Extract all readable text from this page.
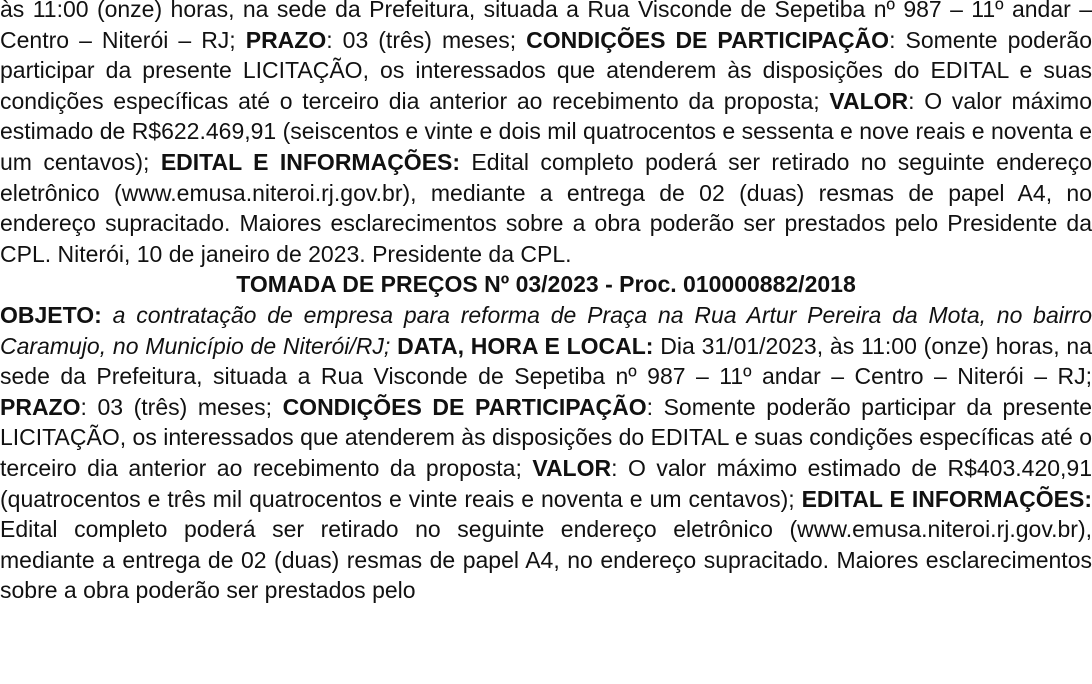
às 11:00 (onze) horas, na sede da Prefeitura, situada a Rua Visconde de Sepetiba nº 987 – 11º andar – Centro – Niterói – RJ; PRAZO: 03 (três) meses; CONDIÇÕES DE PARTICIPAÇÃO: Somente poderão participar da presente LICITAÇÃO, os interessados que atenderem às disposições do EDITAL e suas condições específicas até o terceiro dia anterior ao recebimento da proposta; VALOR: O valor máximo estimado de R$622.469,91 (seiscentos e vinte e dois mil quatrocentos e sessenta e nove reais e noventa e um centavos); EDITAL E INFORMAÇÕES: Edital completo poderá ser retirado no seguinte endereço eletrônico (www.emusa.niteroi.rj.gov.br), mediante a entrega de 02 (duas) resmas de papel A4, no endereço supracitado. Maiores esclarecimentos sobre a obra poderão ser prestados pelo Presidente da CPL. Niterói, 10 de janeiro de 2023. Presidente da CPL.

TOMADA DE PREÇOS Nº 03/2023 - Proc. 010000882/2018

OBJETO: a contratação de empresa para reforma de Praça na Rua Artur Pereira da Mota, no bairro Caramujo, no Município de Niterói/RJ; DATA, HORA E LOCAL: Dia 31/01/2023, às 11:00 (onze) horas, na sede da Prefeitura, situada a Rua Visconde de Sepetiba nº 987 – 11º andar – Centro – Niterói – RJ; PRAZO: 03 (três) meses; CONDIÇÕES DE PARTICIPAÇÃO: Somente poderão participar da presente LICITAÇÃO, os interessados que atenderem às disposições do EDITAL e suas condições específicas até o terceiro dia anterior ao recebimento da proposta; VALOR: O valor máximo estimado de R$403.420,91 (quatrocentos e três mil quatrocentos e vinte reais e noventa e um centavos); EDITAL E INFORMAÇÕES: Edital completo poderá ser retirado no seguinte endereço eletrônico (www.emusa.niteroi.rj.gov.br), mediante a entrega de 02 (duas) resmas de papel A4, no endereço supracitado. Maiores esclarecimentos sobre a obra poderão ser prestados pelo
